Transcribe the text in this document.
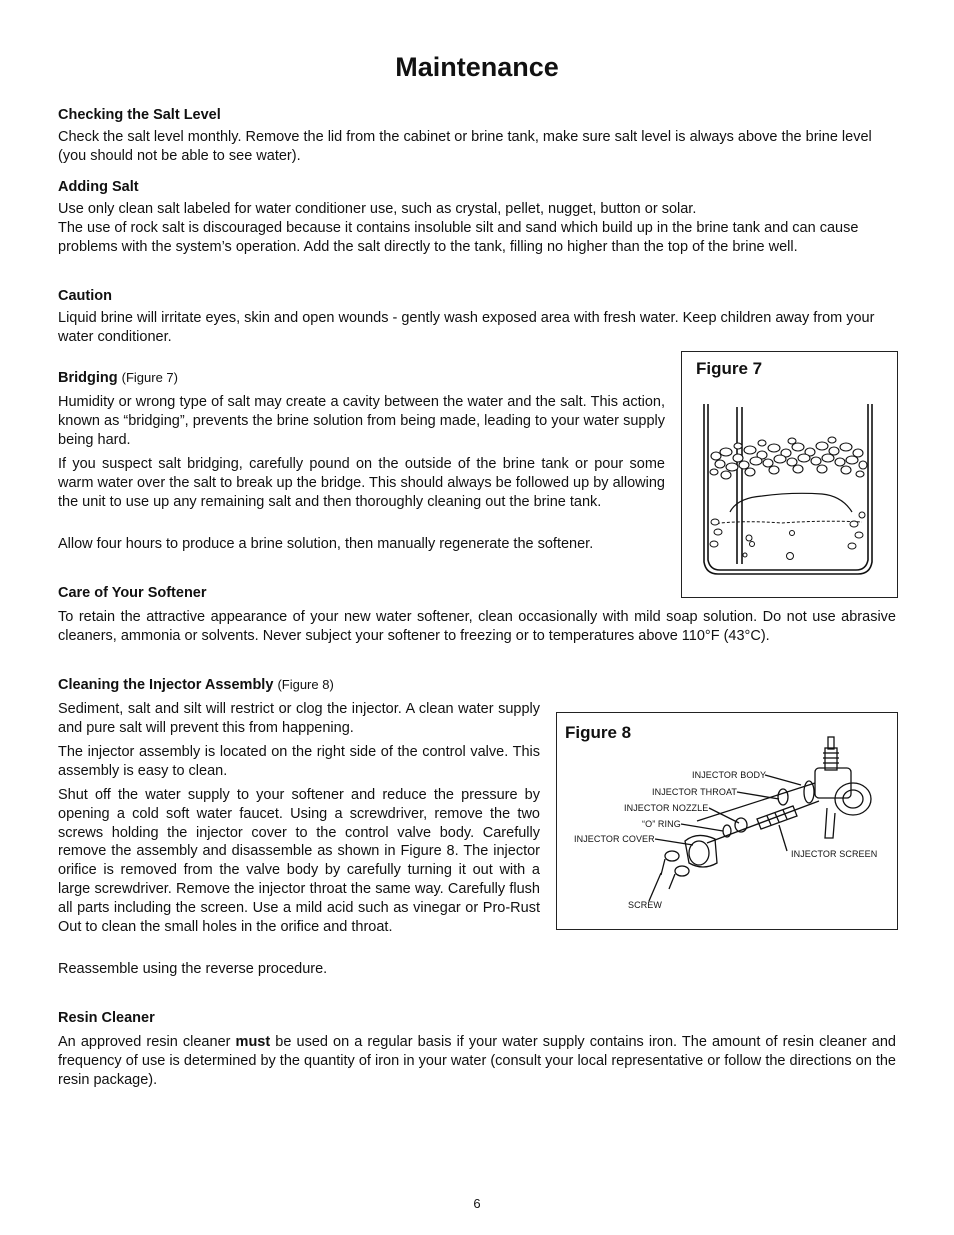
Maintenance
Checking the Salt Level
Check the salt level monthly. Remove the lid from the cabinet or brine tank, make sure salt level is always above the brine level (you should not be able to see water).
Adding Salt
Use only clean salt labeled for water conditioner use, such as crystal, pellet, nugget, button or solar.
The use of rock salt is discouraged because it contains insoluble silt and sand which build up in the brine tank and can cause problems with the system’s operation. Add the salt directly to the tank, filling no higher than the top of the brine well.
Caution
Liquid brine will irritate eyes, skin and open wounds - gently wash exposed area with fresh water. Keep children away from your water conditioner.
Bridging (Figure 7)
Humidity or wrong type of salt may create a cavity between the water and the salt. This action, known as “bridging”, prevents the brine solution from being made, leading to your water supply being hard.
If you suspect salt bridging, carefully pound on the outside of the brine tank or pour some warm water over the salt to break up the bridge. This should always be followed up by allowing the unit to use up any remaining salt and then thoroughly cleaning out the brine tank.
Allow four hours to produce a brine solution, then manually regenerate the softener.
Figure 7
Care of Your Softener
To retain the attractive appearance of your new water softener, clean occasionally with mild soap solution. Do not use abrasive cleaners, ammonia or solvents. Never subject your softener to freezing or to temperatures above 110°F (43°C).
Cleaning the Injector Assembly (Figure 8)
Sediment, salt and silt will restrict or clog the injector. A clean water supply and pure salt will prevent this from happening.
The injector assembly is located on the right side of the control valve. This assembly is easy to clean.
Shut off the water supply to your softener and reduce the pressure by opening a cold soft water faucet. Using a screwdriver, remove the two screws holding the injector cover to the control valve body. Carefully remove the assembly and disassemble as shown in Figure 8. The injector orifice is removed from the valve body by carefully turning it out with a large screwdriver. Remove the injector throat the same way. Carefully flush all parts including the screen. Use a mild acid such as vinegar or Pro-Rust Out to clean the small holes in the orifice and throat.
Reassemble using the reverse procedure.
Figure 8
INJECTOR BODY
INJECTOR THROAT
INJECTOR NOZZLE
“O” RING
INJECTOR COVER
INJECTOR SCREEN
SCREW
Resin Cleaner
An approved resin cleaner must be used on a regular basis if your water supply contains iron. The amount of resin cleaner and frequency of use is determined by the quantity of iron in your water (consult your local representative or follow the directions on the resin package).
6
